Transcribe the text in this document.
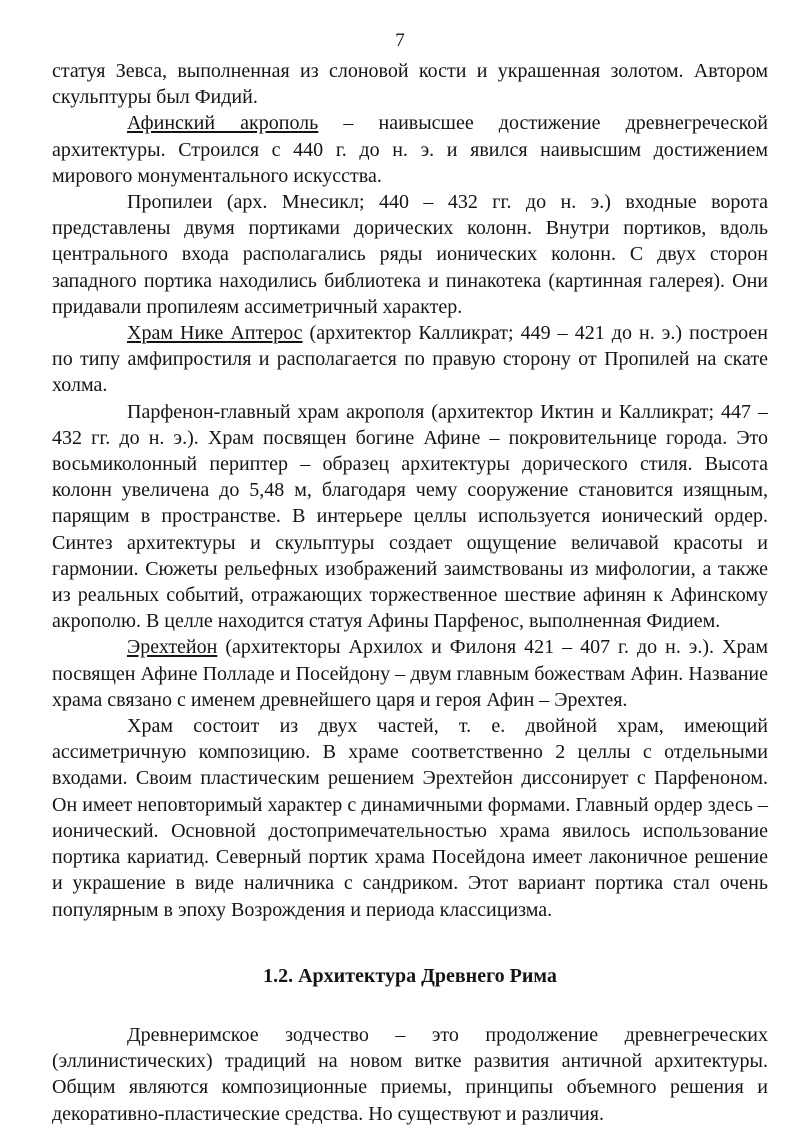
7

статуя Зевса, выполненная из слоновой кости и украшенная золотом. Автором скульптуры был Фидий.

Афинский акрополь – наивысшее достижение древнегреческой архитектуры. Строился с 440 г. до н. э. и явился наивысшим достижением мирового монументального искусства.

Пропилеи (арх. Мнесикл; 440 – 432 гг. до н. э.) входные ворота представлены двумя портиками дорических колонн. Внутри портиков, вдоль центрального входа располагались ряды ионических колонн. С двух сторон западного портика находились библиотека и пинакотека (картинная галерея). Они придавали пропилеям ассиметричный характер.

Храм Нике Аптерос (архитектор Калликрат; 449 – 421 до н. э.) построен по типу амфипростиля и располагается по правую сторону от Пропилей на скате холма.

Парфенон-главный храм акрополя (архитектор Иктин и Калликрат; 447 – 432 гг. до н. э.). Храм посвящен богине Афине – покровительнице города. Это восьмиколонный периптер – образец архитектуры дорического стиля. Высота колонн увеличена до 5,48 м, благодаря чему сооружение становится изящным, парящим в пространстве. В интерьере целлы используется ионический ордер. Синтез архитектуры и скульптуры создает ощущение величавой красоты и гармонии. Сюжеты рельефных изображений заимствованы из мифологии, а также из реальных событий, отражающих торжественное шествие афинян к Афинскому акрополю. В целле находится статуя Афины Парфенос, выполненная Фидием.

Эрехтейон (архитекторы Архилох и Филоня 421 – 407 г. до н. э.). Храм посвящен Афине Полладе и Посейдону – двум главным божествам Афин. Название храма связано с именем древнейшего царя и героя Афин – Эрехтея.

Храм состоит из двух частей, т. е. двойной храм, имеющий ассиметричную композицию. В храме соответственно 2 целлы с отдельными входами. Своим пластическим решением Эрехтейон диссонирует с Парфеноном. Он имеет неповторимый характер с динамичными формами. Главный ордер здесь – ионический. Основной достопримечательностью храма явилось использование портика кариатид. Северный портик храма Посейдона имеет лаконичное решение и украшение в виде наличника с сандриком. Этот вариант портика стал очень популярным в эпоху Возрождения и периода классицизма.

1.2. Архитектура Древнего Рима

Древнеримское зодчество – это продолжение древнегреческих (эллинистических) традиций на новом витке развития античной архитектуры. Общим являются композиционные приемы, принципы объемного решения и декоративно-пластические средства. Но существуют и различия.
